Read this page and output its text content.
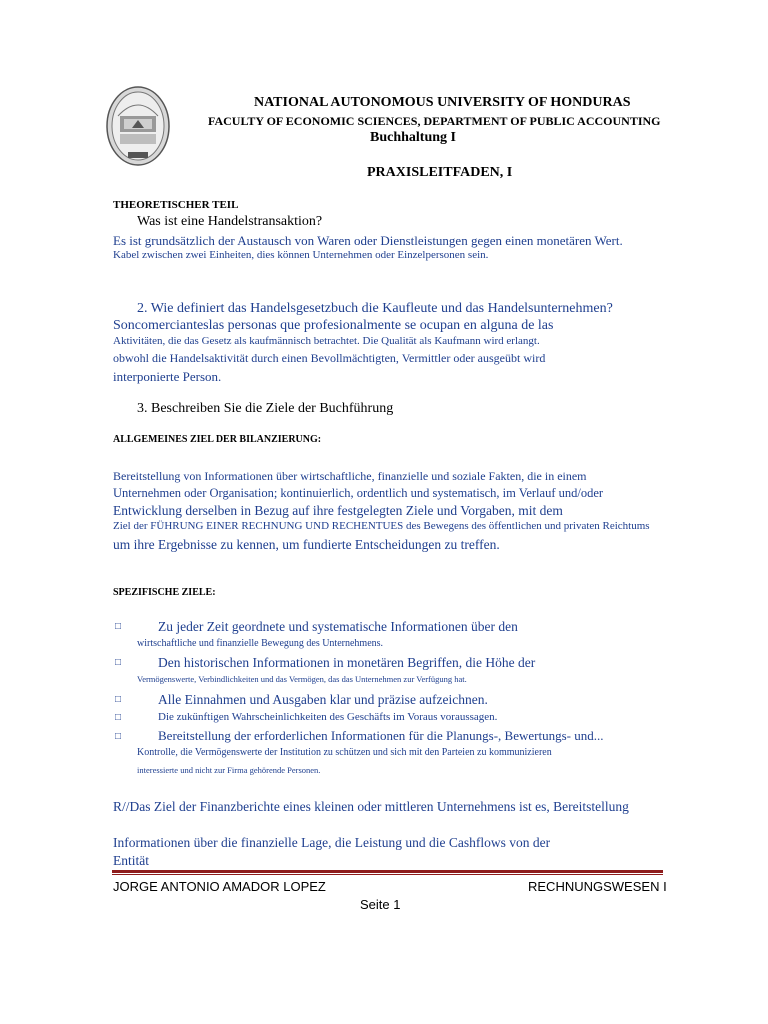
NATIONAL AUTONOMOUS UNIVERSITY OF HONDURAS
FACULTY OF ECONOMIC SCIENCES, DEPARTMENT OF PUBLIC ACCOUNTING
Buchhaltung I
PRAXISLEITFADEN, I
THEORETISCHER TEIL
Was ist eine Handelstransaktion?
Es ist grundsätzlich der Austausch von Waren oder Dienstleistungen gegen einen monetären Wert.
Kabel zwischen zwei Einheiten, dies können Unternehmen oder Einzelpersonen sein.
2. Wie definiert das Handelsgesetzbuch die Kaufleute und das Handelsunternehmen?
Soncomercianteslas personas que profesionalmente se ocupan en alguna de las
Aktivitäten, die das Gesetz als kaufmännisch betrachtet. Die Qualität als Kaufmann wird erlangt.
obwohl die Handelsaktivität durch einen Bevollmächtigten, Vermittler oder ausgeübt wird
interponierte Person.
3. Beschreiben Sie die Ziele der Buchführung
ALLGEMEINES ZIEL DER BILANZIERUNG:
Bereitstellung von Informationen über wirtschaftliche, finanzielle und soziale Fakten, die in einem
Unternehmen oder Organisation; kontinuierlich, ordentlich und systematisch, im Verlauf und/oder
Entwicklung derselben in Bezug auf ihre festgelegten Ziele und Vorgaben, mit dem
Ziel der FÜHRUNG EINER RECHNUNG UND RECHENTUES des Bewegens des öffentlichen und privaten Reichtums
um ihre Ergebnisse zu kennen, um fundierte Entscheidungen zu treffen.
SPEZIFISCHE ZIELE:
□	Zu jeder Zeit geordnete und systematische Informationen über den
wirtschaftliche und finanzielle Bewegung des Unternehmens.
□	Den historischen Informationen in monetären Begriffen, die Höhe der
Vermögenswerte, Verbindlichkeiten und das Vermögen, das das Unternehmen zur Verfügung hat.
□	Alle Einnahmen und Ausgaben klar und präzise aufzeichnen.
□	Die zukünftigen Wahrscheinlichkeiten des Geschäfts im Voraus voraussagen.
□	Bereitstellung der erforderlichen Informationen für die Planungs-, Bewertungs- und...
Kontrolle, die Vermögenswerte der Institution zu schützen und sich mit den Parteien zu kommunizieren
interessierte und nicht zur Firma gehörende Personen.
R//Das Ziel der Finanzberichte eines kleinen oder mittleren Unternehmens ist es, Bereitstellung
Informationen über die finanzielle Lage, die Leistung und die Cashflows von der
Entität
JORGE ANTONIO AMADOR LOPEZ	RECHNUNGSWESEN I
Seite 1
